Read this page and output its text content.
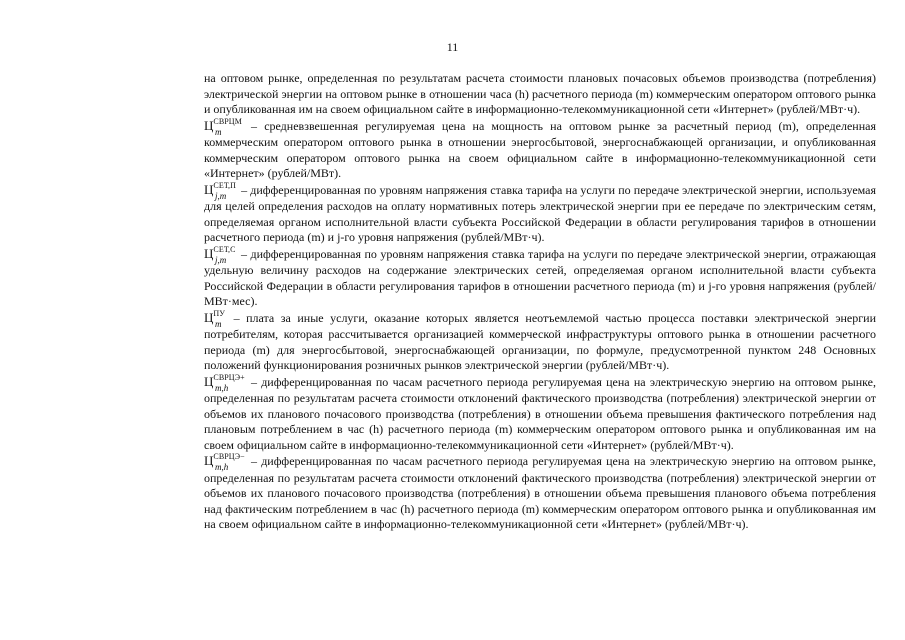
11

на оптовом рынке, определенная по результатам расчета стоимости плановых почасовых объемов производства (потребления) электрической энергии на оптовом рынке в отношении часа (h) расчетного периода (m) коммерческим оператором оптового рынка и опубликованная им на своем официальном сайте в информационно-телекоммуникационной сети «Интернет» (рублей/МВт·ч).

$Ц^{СВРЦМ}$
m – средневзвешенная регулируемая цена на мощность на оптовом рынке за расчетный период (m), определенная коммерческим оператором оптового рынка в отношении энергосбытовой, энергоснабжающей организации, и опубликованная коммерческим оператором оптового рынка на своем официальном сайте в информационно-телекоммуникационной сети «Интернет» (рублей/МВт).

$Ц^{СЕТ,П}$
j,m – дифференцированная по уровням напряжения ставка тарифа на услуги по передаче электрической энергии, используемая для целей определения расходов на оплату нормативных потерь электрической энергии при ее передаче по электрическим сетям, определяемая органом исполнительной власти субъекта Российской Федерации в области регулирования тарифов в отношении расчетного периода (m) и j-го уровня напряжения (рублей/МВт·ч).

$Ц^{СЕТ,С}$
j,m – дифференцированная по уровням напряжения ставка тарифа на услуги по передаче электрической энергии, отражающая удельную величину расходов на содержание электрических сетей, определяемая органом исполнительной власти субъекта Российской Федерации в области регулирования тарифов в отношении расчетного периода (m) и j-го уровня напряжения (рублей/МВт·мес).

$Ц^{ПУ}$
m – плата за иные услуги, оказание которых является неотъемлемой частью процесса поставки электрической энергии потребителям, которая рассчитывается организацией коммерческой инфраструктуры оптового рынка в отношении расчетного периода (m) для энергосбытовой, энергоснабжающей организации, по формуле, предусмотренной пунктом 248 Основных положений функционирования розничных рынков электрической энергии (рублей/МВт·ч).

$Ц^{СВРЦЭ+}$
m,h – дифференцированная по часам расчетного периода регулируемая цена на электрическую энергию на оптовом рынке, определенная по результатам расчета стоимости отклонений фактического производства (потребления) электрической энергии от объемов их планового почасового производства (потребления) в отношении объема превышения фактического потребления над плановым потреблением в час (h) расчетного периода (m) коммерческим оператором оптового рынка и опубликованная им на своем официальном сайте в информационно-телекоммуникационной сети «Интернет» (рублей/МВт·ч).

$Ц^{СВРЦЭ-}$
m,h – дифференцированная по часам расчетного периода регулируемая цена на электрическую энергию на оптовом рынке, определенная по результатам расчета стоимости отклонений фактического производства (потребления) электрической энергии от объемов их планового почасового производства (потребления) в отношении объема превышения планового объема потребления над фактическим потреблением в час (h) расчетного периода (m) коммерческим оператором оптового рынка и опубликованная им на своем официальном сайте в информационно-телекоммуникационной сети «Интернет» (рублей/МВт·ч).
